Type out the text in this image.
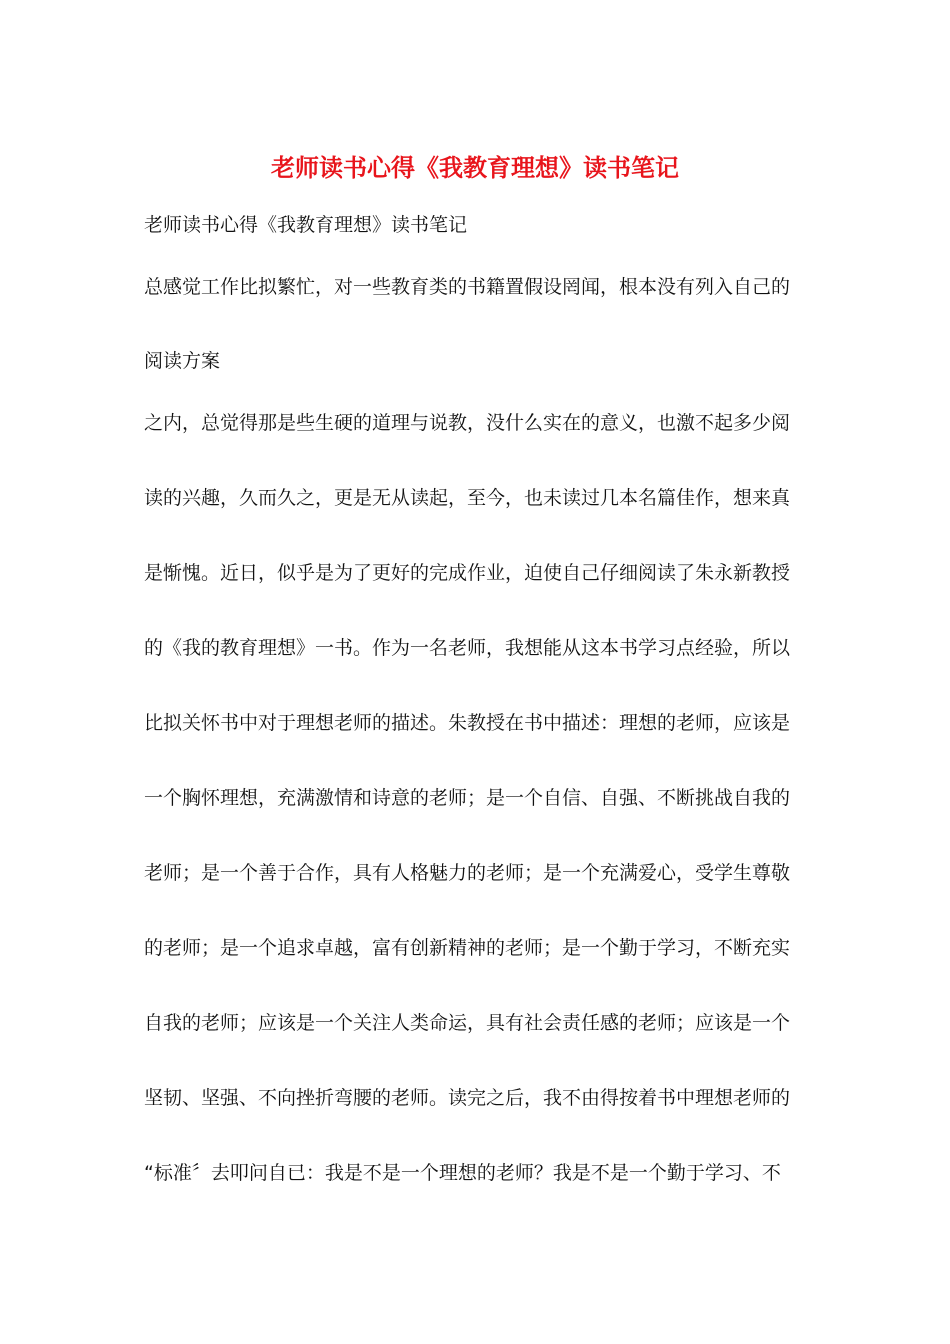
老师读书心得《我教育理想》读书笔记
老师读书心得《我教育理想》读书笔记
总感觉工作比拟繁忙，对一些教育类的书籍置假设罔闻，根本没有列入自己的
阅读方案
之内，总觉得那是些生硬的道理与说教，没什么实在的意义，也激不起多少阅
读的兴趣，久而久之，更是无从读起，至今，也未读过几本名篇佳作，想来真
是惭愧。近日，似乎是为了更好的完成作业，迫使自己仔细阅读了朱永新教授
的《我的教育理想》一书。作为一名老师，我想能从这本书学习点经验，所以
比拟关怀书中对于理想老师的描述。朱教授在书中描述：理想的老师，应该是
一个胸怀理想，充满激情和诗意的老师；是一个自信、自强、不断挑战自我的
老师；是一个善于合作，具有人格魅力的老师；是一个充满爱心，受学生尊敬
的老师；是一个追求卓越，富有创新精神的老师；是一个勤于学习，不断充实
自我的老师；应该是一个关注人类命运，具有社会责任感的老师；应该是一个
坚韧、坚强、不向挫折弯腰的老师。读完之后，我不由得按着书中理想老师的
“标准〞去叩问自已：我是不是一个理想的老师？我是不是一个勤于学习、不
